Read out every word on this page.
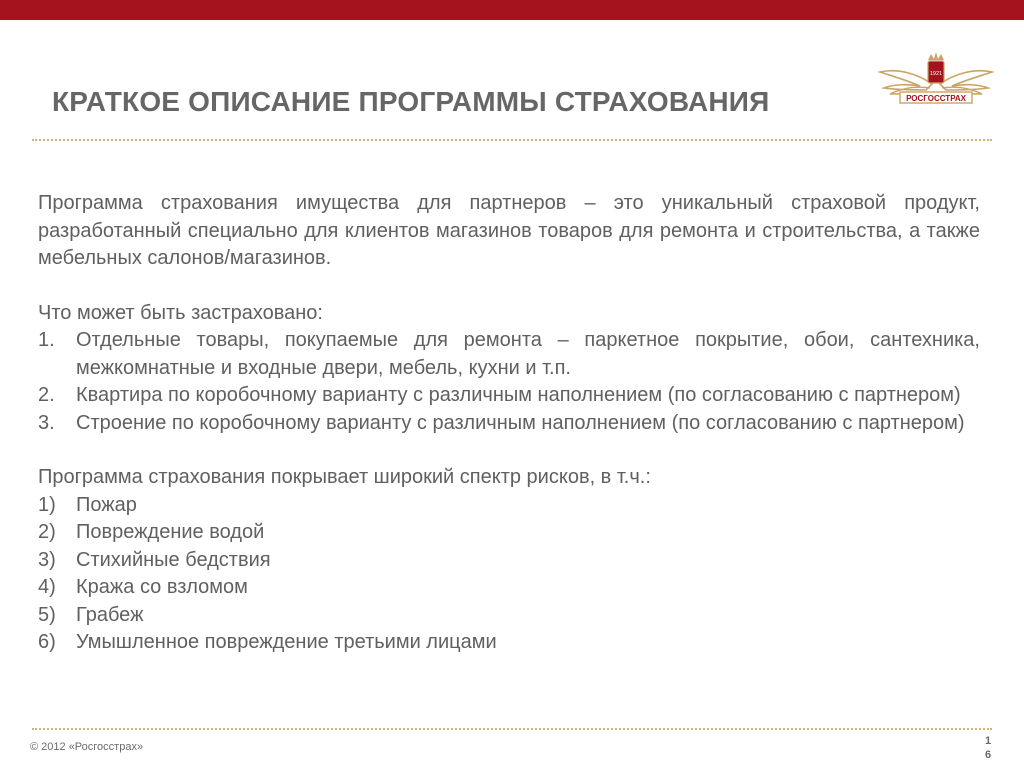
КРАТКОЕ ОПИСАНИЕ ПРОГРАММЫ СТРАХОВАНИЯ
1921
РОСГОССТРАХ

Программа страхования имущества для партнеров – это уникальный страховой продукт, разработанный специально для клиентов магазинов товаров для ремонта и строительства, а также мебельных салонов/магазинов.

Что может быть застраховано:

1. Отдельные товары, покупаемые для ремонта – паркетное покрытие, обои, сантехника, межкомнатные и входные двери, мебель, кухни и т.п.
2. Квартира по коробочному варианту с различным наполнением (по согласованию с партнером)
3. Строение по коробочному варианту с различным наполнением (по согласованию с партнером)

Программа страхования покрывает широкий спектр рисков, в т.ч.:

1) Пожар
2) Повреждение водой
3) Стихийные бедствия
4) Кража со взломом
5) Грабеж
6) Умышленное повреждение третьими лицами
© 2012 «Росгосстрах»	1
6
